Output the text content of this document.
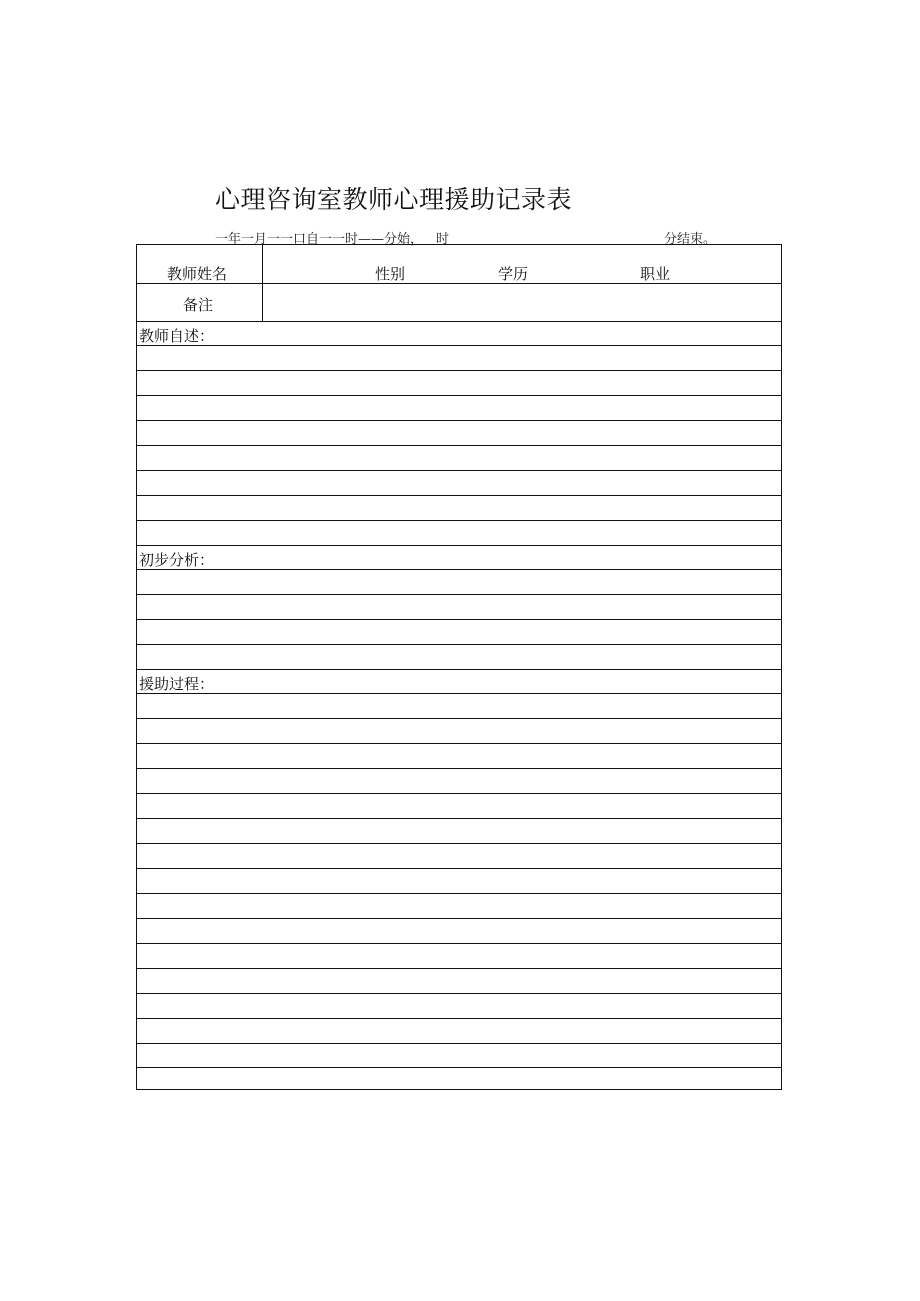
心理咨询室教师心理援助记录表
一年一月一一口自一一时——分始，＿时	分结束。
教师姓名	性别	学历	职业
备注
教师自述：
初步分析：
援助过程：
